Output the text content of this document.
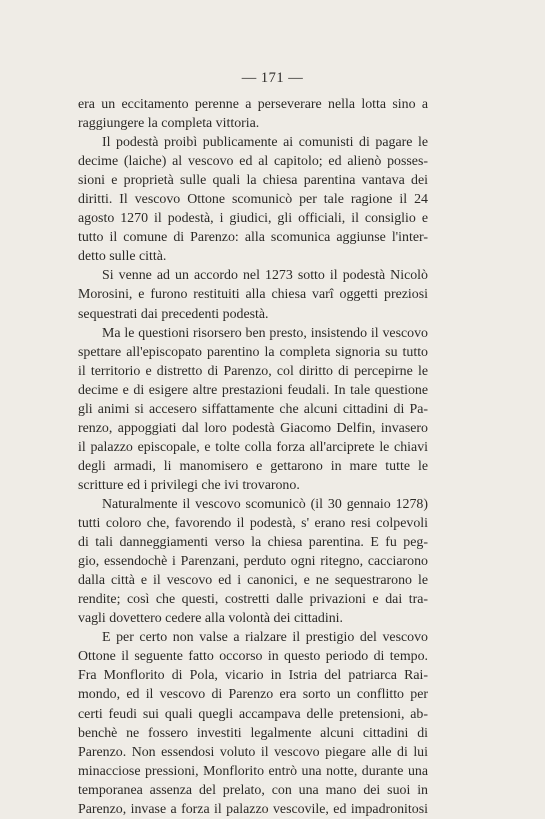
— 171 —
era un eccitamento perenne a perseverare nella lotta sino a
raggiungere la completa vittoria.
Il podestà proibì publicamente ai comunisti di pagare le
decime (laiche) al vescovo ed al capitolo; ed alienò posses-
sioni e proprietà sulle quali la chiesa parentina vantava dei
diritti. Il vescovo Ottone scomunicò per tale ragione il 24
agosto 1270 il podestà, i giudici, gli officiali, il consiglio e
tutto il comune di Parenzo: alla scomunica aggiunse l'inter-
detto sulle città.
Si venne ad un accordo nel 1273 sotto il podestà Nicolò
Morosini, e furono restituiti alla chiesa varî oggetti preziosi
sequestrati dai precedenti podestà.
Ma le questioni risorsero ben presto, insistendo il vescovo
spettare all'episcopato parentino la completa signoria su tutto
il territorio e distretto di Parenzo, col diritto di percepirne le
decime e di esigere altre prestazioni feudali. In tale questione
gli animi si accesero siffattamente che alcuni cittadini di Pa-
renzo, appoggiati dal loro podestà Giacomo Delfin, invasero
il palazzo episcopale, e tolte colla forza all'arciprete le chiavi
degli armadi, li manomisero e gettarono in mare tutte le
scritture ed i privilegi che ivi trovarono.
Naturalmente il vescovo scomunicò (il 30 gennaio 1278)
tutti coloro che, favorendo il podestà, s' erano resi colpevoli
di tali danneggiamenti verso la chiesa parentina. E fu peg-
gio, essendochè i Parenzani, perduto ogni ritegno, cacciarono
dalla città e il vescovo ed i canonici, e ne sequestrarono le
rendite; così che questi, costretti dalle privazioni e dai tra-
vagli dovettero cedere alla volontà dei cittadini.
E per certo non valse a rialzare il prestigio del vescovo
Ottone il seguente fatto occorso in questo periodo di tempo.
Fra Monflorito di Pola, vicario in Istria del patriarca Rai-
mondo, ed il vescovo di Parenzo era sorto un conflitto per
certi feudi sui quali quegli accampava delle pretensioni, ab-
benchè ne fossero investiti legalmente alcuni cittadini di
Parenzo. Non essendosi voluto il vescovo piegare alle di lui
minacciose pressioni, Monflorito entrò una notte, durante una
temporanea assenza del prelato, con una mano dei suoi in
Parenzo, invase a forza il palazzo vescovile, ed impadronitosi
